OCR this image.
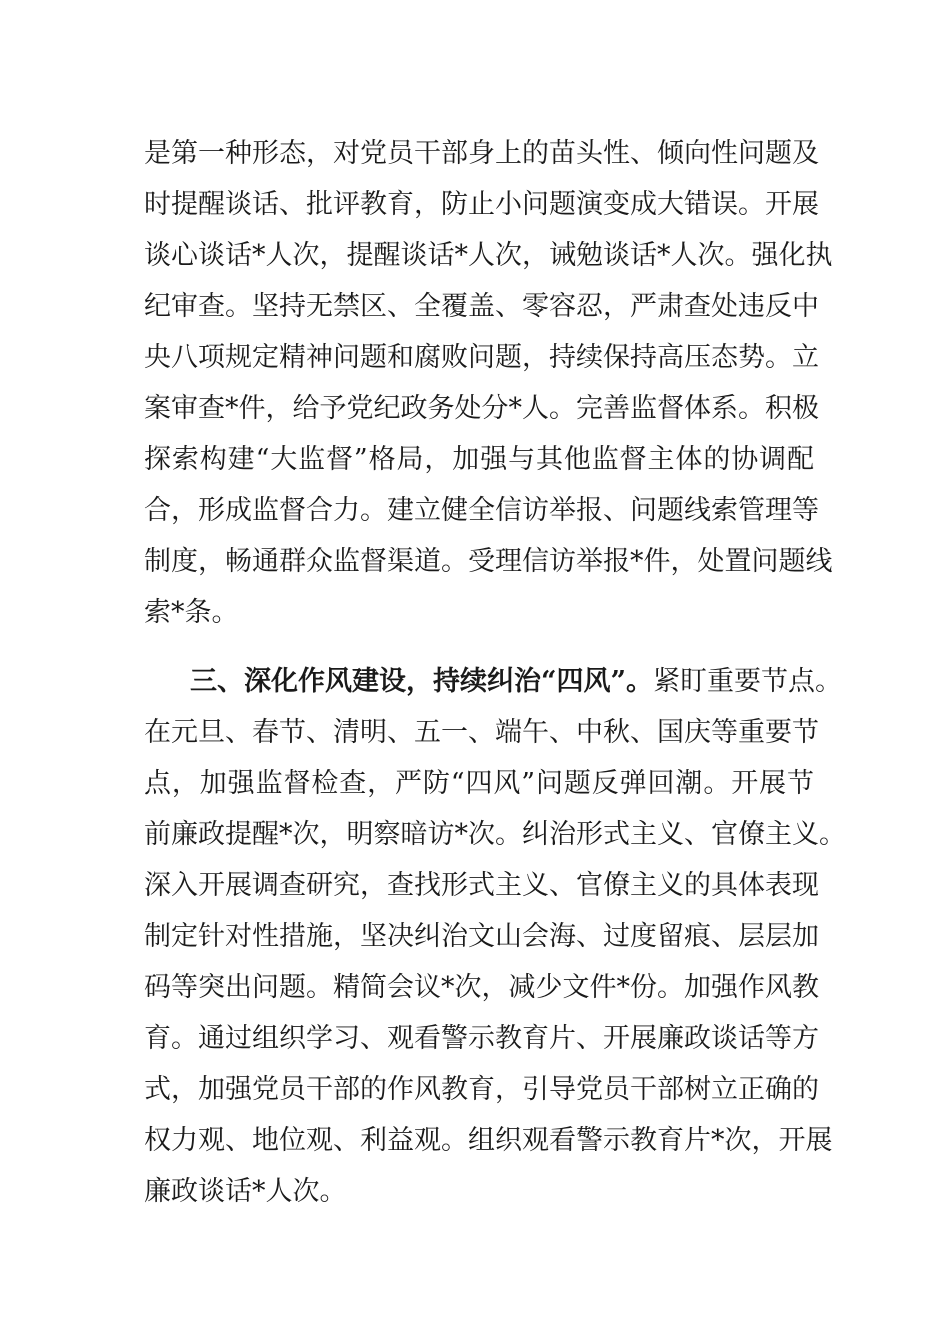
是第一种形态，对党员干部身上的苗头性、倾向性问题及
时提醒谈话、批评教育，防止小问题演变成大错误。开展
谈心谈话*人次，提醒谈话*人次，诫勉谈话*人次。强化执
纪审查。坚持无禁区、全覆盖、零容忍，严肃查处违反中
央八项规定精神问题和腐败问题，持续保持高压态势。立
案审查*件，给予党纪政务处分*人。完善监督体系。积极
探索构建“大监督”格局，加强与其他监督主体的协调配
合，形成监督合力。建立健全信访举报、问题线索管理等
制度，畅通群众监督渠道。受理信访举报*件，处置问题线
索*条。
三、深化作风建设，持续纠治“四风”。紧盯重要节点。
在元旦、春节、清明、五一、端午、中秋、国庆等重要节
点，加强监督检查，严防“四风”问题反弹回潮。开展节
前廉政提醒*次，明察暗访*次。纠治形式主义、官僚主义。
深入开展调查研究，查找形式主义、官僚主义的具体表现
制定针对性措施，坚决纠治文山会海、过度留痕、层层加
码等突出问题。精简会议*次，减少文件*份。加强作风教
育。通过组织学习、观看警示教育片、开展廉政谈话等方
式，加强党员干部的作风教育，引导党员干部树立正确的
权力观、地位观、利益观。组织观看警示教育片*次，开展
廉政谈话*人次。
